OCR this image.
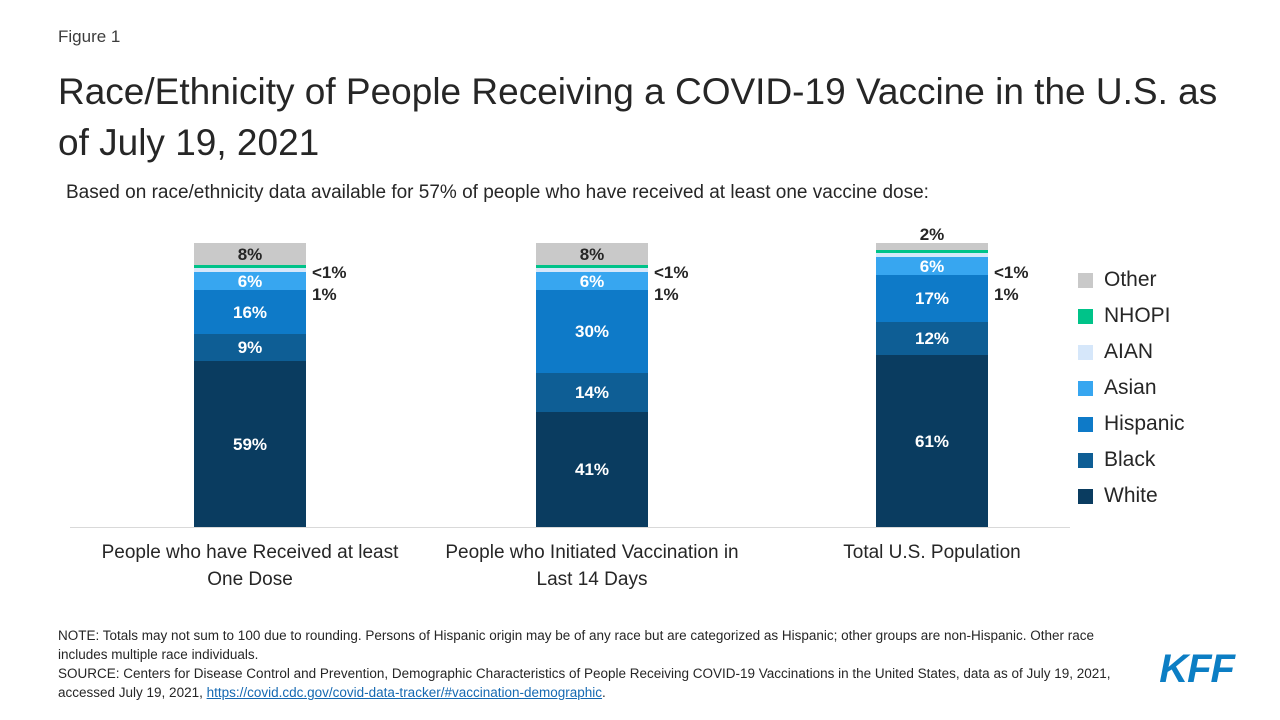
Figure 1
Race/Ethnicity of People Receiving a COVID-19 Vaccine in the U.S. as of July 19, 2021
Based on race/ethnicity data available for 57% of people who have received at least one vaccine dose:
8%
6%
16%
9%
59%
<1%
1%
People who have Received at least One Dose
8%
6%
30%
14%
41%
<1%
1%
People who Initiated Vaccination in Last 14 Days
2%
6%
17%
12%
61%
<1%
1%
Total U.S. Population
Other
NHOPI
AIAN
Asian
Hispanic
Black
White
NOTE: Totals may not sum to 100 due to rounding. Persons of Hispanic origin may be of any race but are categorized as Hispanic; other groups are non-Hispanic. Other race includes multiple race individuals.
SOURCE: Centers for Disease Control and Prevention, Demographic Characteristics of People Receiving COVID-19 Vaccinations in the United States, data as of July 19, 2021, accessed July 19, 2021, https://covid.cdc.gov/covid-data-tracker/#vaccination-demographic.
KFF
